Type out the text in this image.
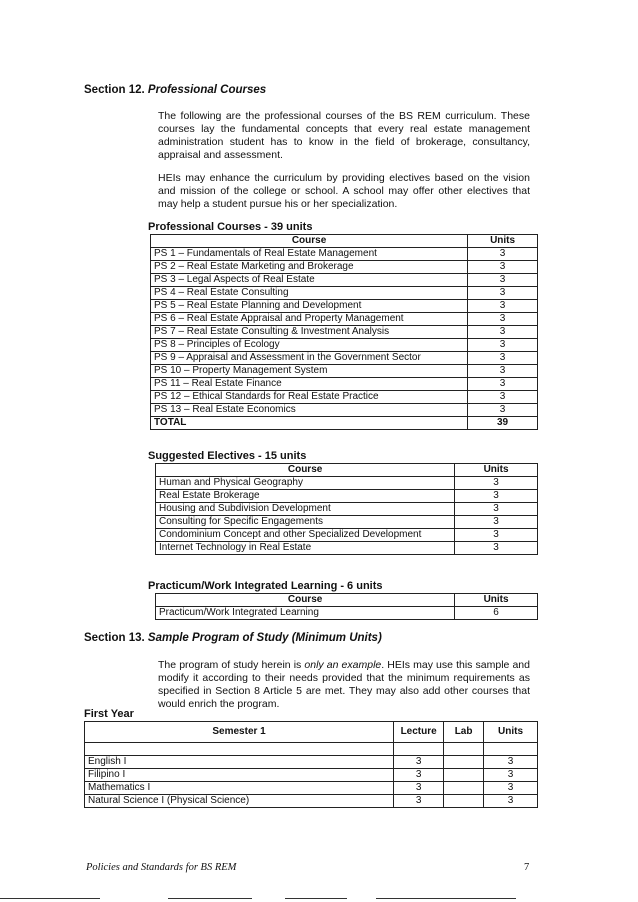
Section 12. Professional Courses
The following are the professional courses of the BS REM curriculum. These courses lay the fundamental concepts that every real estate management administration student has to know in the field of brokerage, consultancy, appraisal and assessment.
HEIs may enhance the curriculum by providing electives based on the vision and mission of the college or school. A school may offer other electives that may help a student pursue his or her specialization.
Professional Courses - 39 units
Course	Units
PS 1 – Fundamentals of Real Estate Management	3
PS 2 – Real Estate Marketing and Brokerage	3
PS 3 – Legal Aspects of Real Estate	3
PS 4 – Real Estate Consulting	3
PS 5 – Real Estate Planning and Development	3
PS 6 – Real Estate Appraisal and Property Management	3
PS 7 – Real Estate Consulting & Investment Analysis	3
PS 8 – Principles of Ecology	3
PS 9 – Appraisal and Assessment in the Government Sector	3
PS 10 – Property Management System	3
PS 11 – Real Estate Finance	3
PS 12 – Ethical Standards for Real Estate Practice	3
PS 13 – Real Estate Economics	3
TOTAL	39
Suggested Electives - 15 units
Course	Units
Human and Physical Geography	3
Real Estate Brokerage	3
Housing and Subdivision Development	3
Consulting for Specific Engagements	3
Condominium Concept and other Specialized Development	3
Internet Technology in Real Estate	3
Practicum/Work Integrated Learning - 6 units
Course	Units
Practicum/Work Integrated Learning	6
Section 13. Sample Program of Study (Minimum Units)
The program of study herein is only an example. HEIs may use this sample and modify it according to their needs provided that the minimum requirements as specified in Section 8 Article 5 are met. They may also add other courses that would enrich the program.
First Year
Semester 1	Lecture	Lab	Units

English I	3		3
Filipino I	3		3
Mathematics I	3		3
Natural Science I (Physical Science)	3		3
Policies and Standards for BS REM	7
